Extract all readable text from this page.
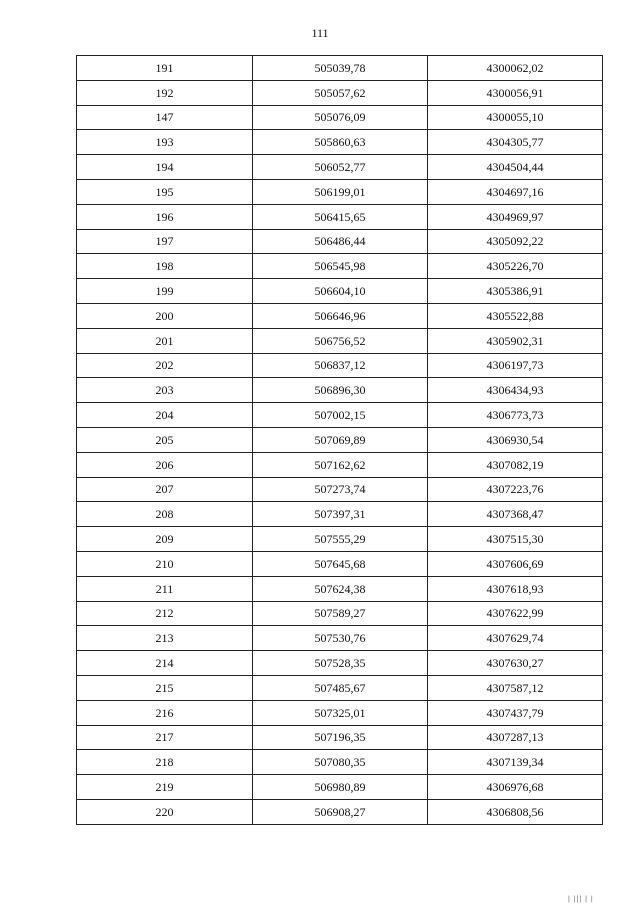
111
191	505039,78	4300062,02
192	505057,62	4300056,91
147	505076,09	4300055,10
193	505860,63	4304305,77
194	506052,77	4304504,44
195	506199,01	4304697,16
196	506415,65	4304969,97
197	506486,44	4305092,22
198	506545,98	4305226,70
199	506604,10	4305386,91
200	506646,96	4305522,88
201	506756,52	4305902,31
202	506837,12	4306197,73
203	506896,30	4306434,93
204	507002,15	4306773,73
205	507069,89	4306930,54
206	507162,62	4307082,19
207	507273,74	4307223,76
208	507397,31	4307368,47
209	507555,29	4307515,30
210	507645,68	4307606,69
211	507624,38	4307618,93
212	507589,27	4307622,99
213	507530,76	4307629,74
214	507528,35	4307630,27
215	507485,67	4307587,12
216	507325,01	4307437,79
217	507196,35	4307287,13
218	507080,35	4307139,34
219	506980,89	4306976,68
220	506908,27	4306808,56
| ||| | |
